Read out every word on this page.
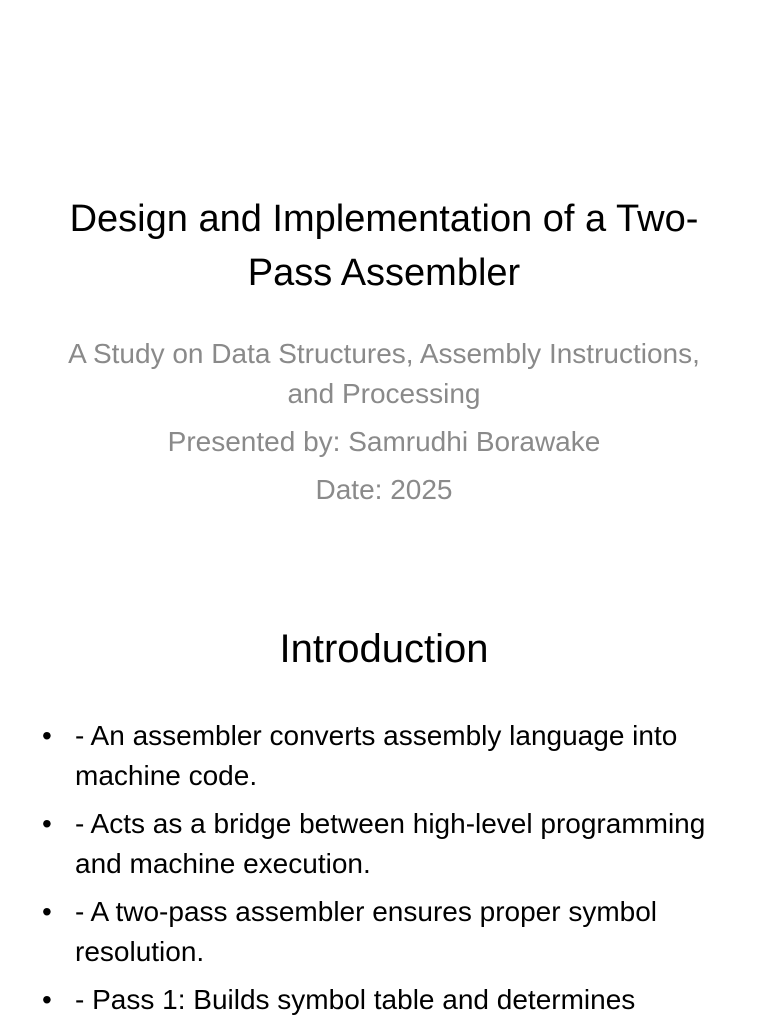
Design and Implementation of a Two-Pass Assembler

A Study on Data Structures, Assembly Instructions, and Processing

Presented by: Samrudhi Borawake

Date: 2025

Introduction
• - An assembler converts assembly language into machine code.
• - Acts as a bridge between high-level programming and machine execution.
• - A two-pass assembler ensures proper symbol resolution.
• - Pass 1: Builds symbol table and determines
